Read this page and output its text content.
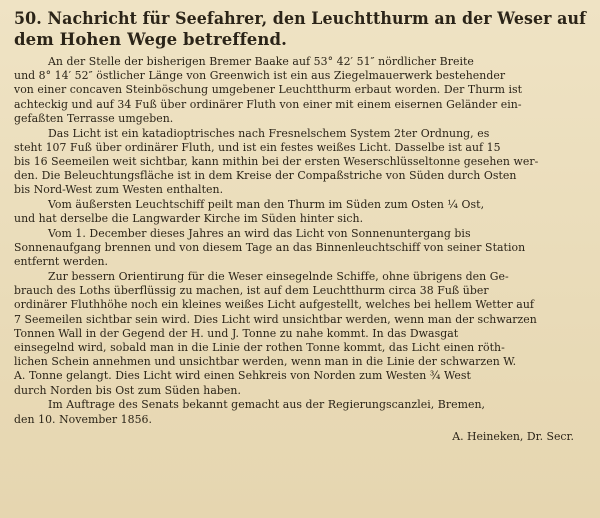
50. Nachricht für Seefahrer, den Leuchtthurm an der Weser auf
dem Hohen Wege betreffend.

An der Stelle der bisherigen Bremer Baake auf 53° 42′ 51″ nördlicher Breite

und 8° 14′ 52″ östlicher Länge von Greenwich ist ein aus Ziegelmauerwerk bestehender

von einer concaven Steinböschung umgebener Leuchtthurm erbaut worden. Der Thurm ist

achteckig und auf 34 Fuß über ordinärer Fluth von einer mit einem eisernen Geländer ein-

gefaßten Terrasse umgeben.

Das Licht ist ein katadioptrisches nach Fresnelschem System 2ter Ordnung, es

steht 107 Fuß über ordinärer Fluth, und ist ein festes weißes Licht. Dasselbe ist auf 15

bis 16 Seemeilen weit sichtbar, kann mithin bei der ersten Weserschlüsseltonne gesehen wer-

den. Die Beleuchtungsfläche ist in dem Kreise der Compaßstriche von Süden durch Osten

bis Nord-West zum Westen enthalten.

Vom äußersten Leuchtschiff peilt man den Thurm im Süden zum Osten ¼ Ost,

und hat derselbe die Langwarder Kirche im Süden hinter sich.

Vom 1. December dieses Jahres an wird das Licht von Sonnenuntergang bis

Sonnenaufgang brennen und von diesem Tage an das Binnenleuchtschiff von seiner Station

entfernt werden.

Zur bessern Orientirung für die Weser einsegelnde Schiffe, ohne übrigens den Ge-

brauch des Loths überflüssig zu machen, ist auf dem Leuchtthurm circa 38 Fuß über

ordinärer Fluthhöhe noch ein kleines weißes Licht aufgestellt, welches bei hellem Wetter auf

7 Seemeilen sichtbar sein wird. Dies Licht wird unsichtbar werden, wenn man der schwarzen

Tonnen Wall in der Gegend der H. und J. Tonne zu nahe kommt. In das Dwasgat

einsegelnd wird, sobald man in die Linie der rothen Tonne kommt, das Licht einen röth-

lichen Schein annehmen und unsichtbar werden, wenn man in die Linie der schwarzen W.

A. Tonne gelangt. Dies Licht wird einen Sehkreis von Norden zum Westen ¾ West

durch Norden bis Ost zum Süden haben.

Im Auftrage des Senats bekannt gemacht aus der Regierungscanzlei, Bremen,

den 10. November 1856.

A. Heineken, Dr. Secr.
